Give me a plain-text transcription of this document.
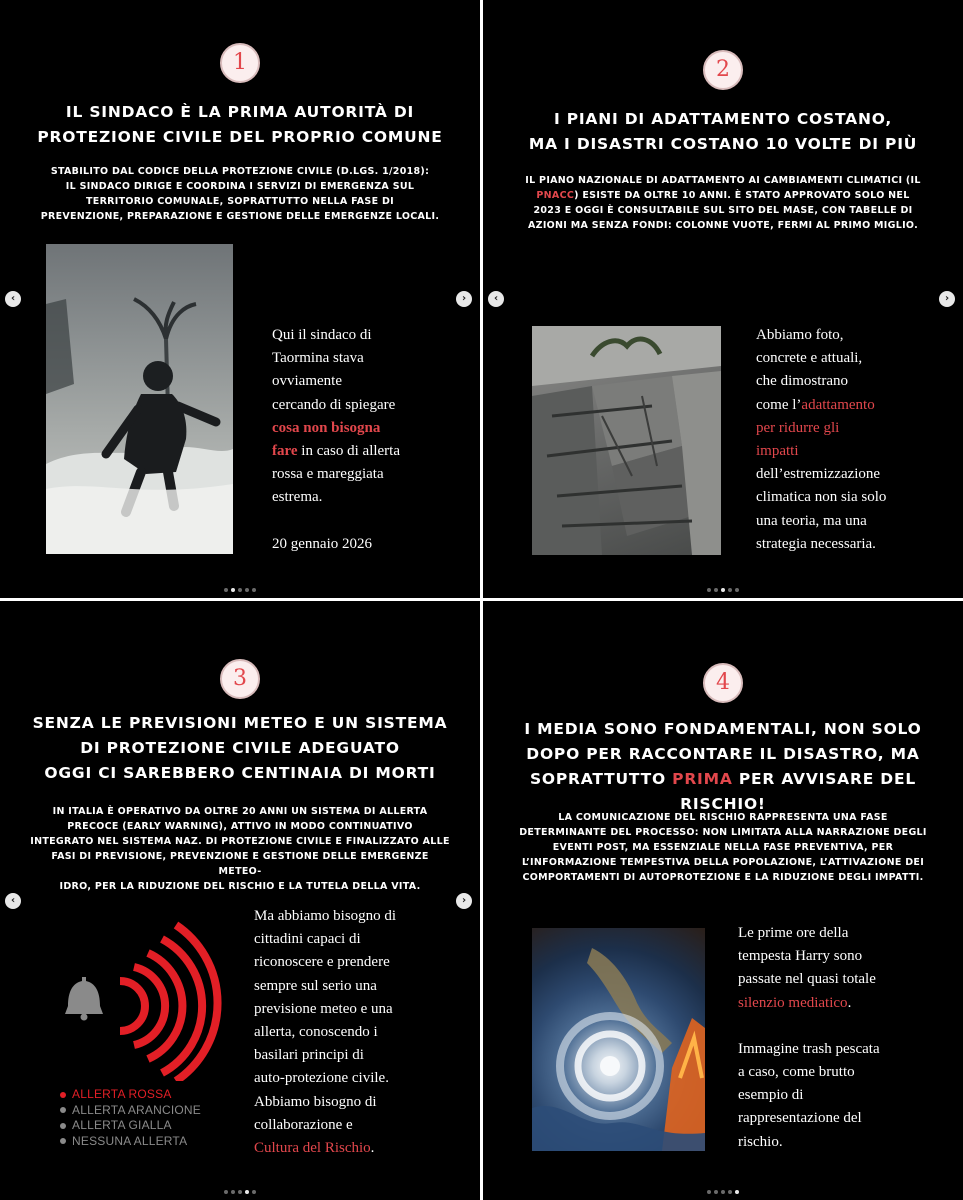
1
IL SINDACO È LA PRIMA AUTORITÀ DI
PROTEZIONE CIVILE DEL PROPRIO COMUNE
STABILITO DAL CODICE DELLA PROTEZIONE CIVILE (D.LGS. 1/2018):
IL SINDACO DIRIGE E COORDINA I SERVIZI DI EMERGENZA SUL
TERRITORIO COMUNALE, SOPRATTUTTO NELLA FASE DI
PREVENZIONE, PREPARAZIONE E GESTIONE DELLE EMERGENZE LOCALI.
Qui il sindaco di
Taormina stava
ovviamente
cercando di spiegare
cosa non bisogna
fare in caso di allerta
rossa e mareggiata
estrema.
20 gennaio 2026
‹	›
2
I PIANI DI ADATTAMENTO COSTANO,
MA I DISASTRI COSTANO 10 VOLTE DI PIÙ
IL PIANO NAZIONALE DI ADATTAMENTO AI CAMBIAMENTI CLIMATICI (IL
PNACC) ESISTE DA OLTRE 10 ANNI. È STATO APPROVATO SOLO NEL
2023 E OGGI È CONSULTABILE SUL SITO DEL MASE, CON TABELLE DI
AZIONI MA SENZA FONDI: COLONNE VUOTE, FERMI AL PRIMO MIGLIO.
Abbiamo foto,
concrete e attuali,
che dimostrano
come l’adattamento
per ridurre gli
impatti
dell’estremizzazione
climatica non sia solo
una teoria, ma una
strategia necessaria.
‹	›
3
SENZA LE PREVISIONI METEO E UN SISTEMA
DI PROTEZIONE CIVILE ADEGUATO
OGGI CI SAREBBERO CENTINAIA DI MORTI
IN ITALIA È OPERATIVO DA OLTRE 20 ANNI UN SISTEMA DI ALLERTA
PRECOCE (EARLY WARNING), ATTIVO IN MODO CONTINUATIVO
INTEGRATO NEL SISTEMA NAZ. DI PROTEZIONE CIVILE E FINALIZZATO ALLE
FASI DI PREVISIONE, PREVENZIONE E GESTIONE DELLE EMERGENZE METEO-
IDRO, PER LA RIDUZIONE DEL RISCHIO E LA TUTELA DELLA VITA.
ALLERTA ROSSA
ALLERTA ARANCIONE
ALLERTA GIALLA
NESSUNA ALLERTA
Ma abbiamo bisogno di
cittadini capaci di
riconoscere e prendere
sempre sul serio una
previsione meteo e una
allerta, conoscendo i
basilari principi di
auto-protezione civile.
Abbiamo bisogno di
collaborazione e
Cultura del Rischio.
‹	›
4
I MEDIA SONO FONDAMENTALI, NON SOLO
DOPO PER RACCONTARE IL DISASTRO, MA
SOPRATTUTTO PRIMA PER AVVISARE DEL RISCHIO!
LA COMUNICAZIONE DEL RISCHIO RAPPRESENTA UNA FASE
DETERMINANTE DEL PROCESSO: NON LIMITATA ALLA NARRAZIONE DEGLI
EVENTI POST, MA ESSENZIALE NELLA FASE PREVENTIVA, PER
L’INFORMAZIONE TEMPESTIVA DELLA POPOLAZIONE, L’ATTIVAZIONE DEI
COMPORTAMENTI DI AUTOPROTEZIONE E LA RIDUZIONE DEGLI IMPATTI.
Le prime ore della
tempesta Harry sono
passate nel quasi totale
silenzio mediatico.
Immagine trash pescata
a caso, come brutto
esempio di
rappresentazione del
rischio.
